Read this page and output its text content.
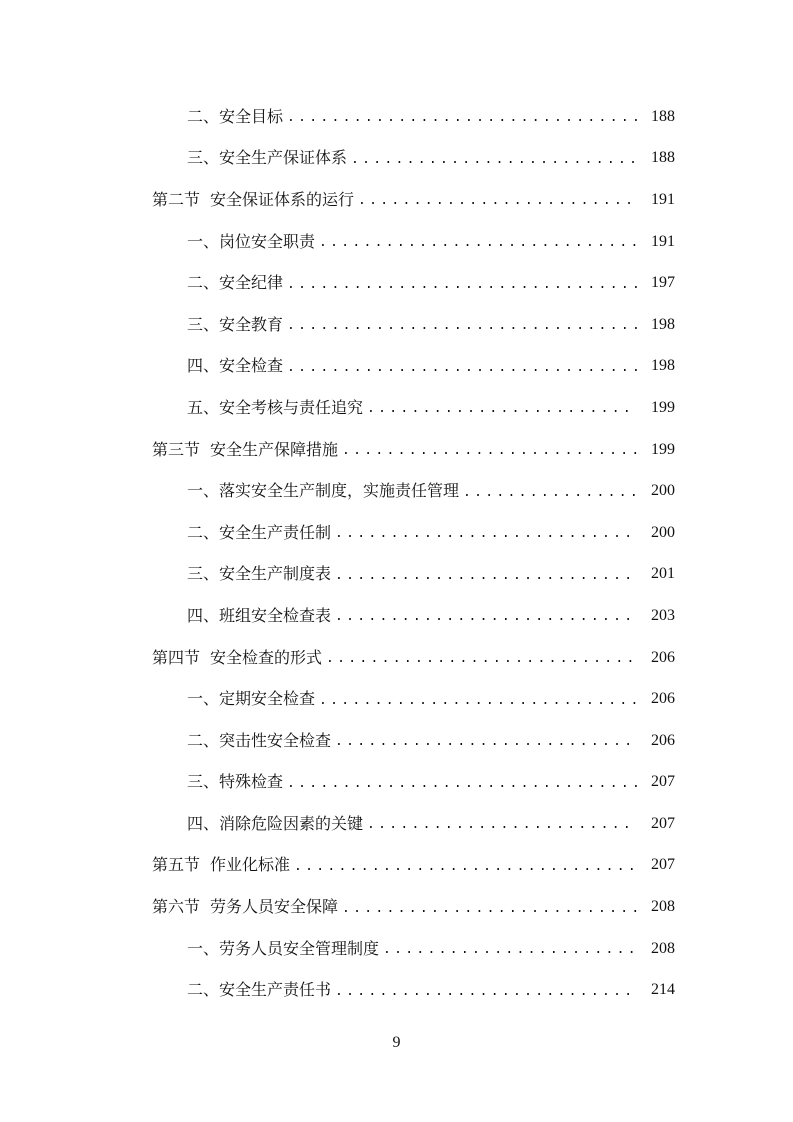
二、安全目标 .....	188
三、安全生产保证体系 .....	188
第二节 安全保证体系的运行 .....	191
一、岗位安全职责 .....	191
二、安全纪律 .....	197
三、安全教育 .....	198
四、安全检查 .....	198
五、安全考核与责任追究 .....	199
第三节 安全生产保障措施 .....	199
一、落实安全生产制度，实施责任管理 .....	200
二、安全生产责任制 .....	200
三、安全生产制度表 .....	201
四、班组安全检查表 .....	203
第四节 安全检查的形式 .....	206
一、定期安全检查 .....	206
二、突击性安全检查 .....	206
三、特殊检查 .....	207
四、消除危险因素的关键 .....	207
第五节 作业化标准 .....	207
第六节 劳务人员安全保障 .....	208
一、劳务人员安全管理制度 .....	208
二、安全生产责任书 .....	214
9
